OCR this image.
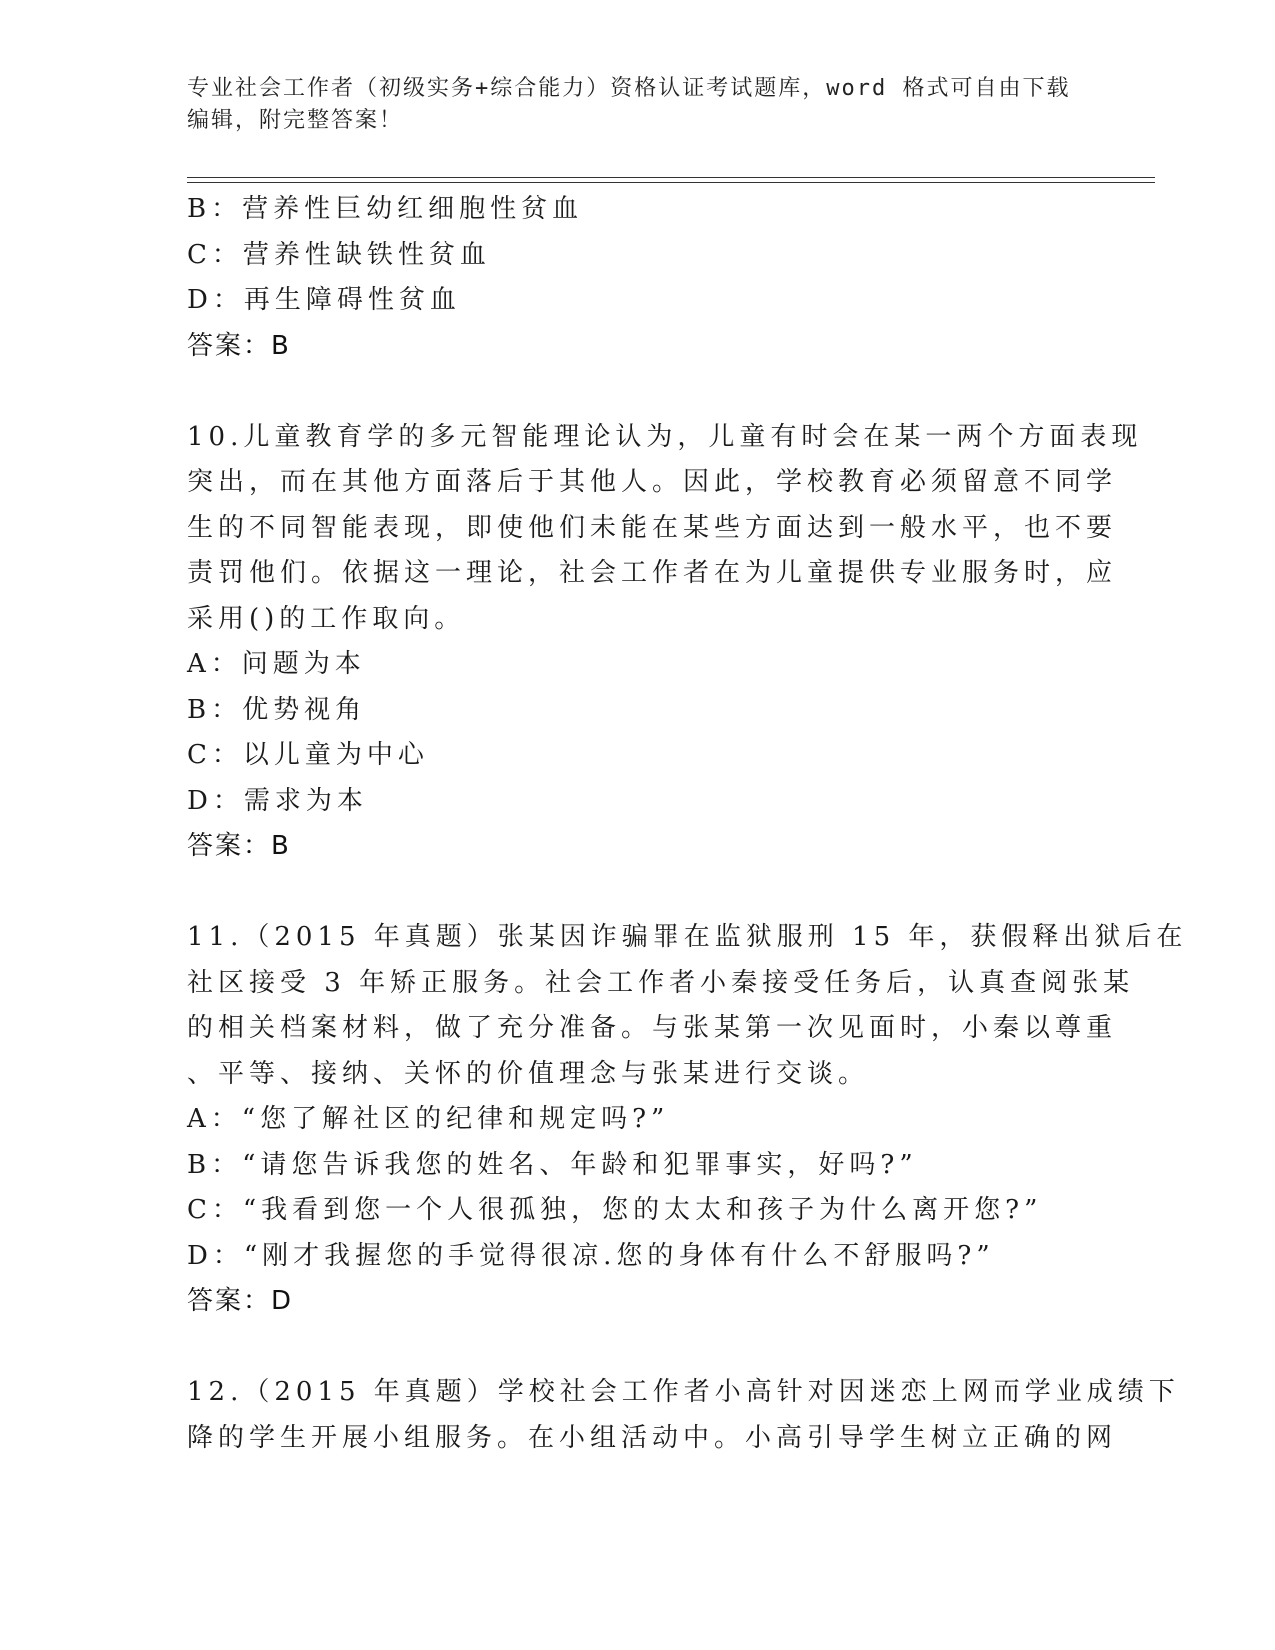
专业社会工作者（初级实务+综合能力）资格认证考试题库，word 格式可自由下载
编辑，附完整答案！
B：营养性巨幼红细胞性贫血
C：营养性缺铁性贫血
D：再生障碍性贫血
答案：B
10.儿童教育学的多元智能理论认为，儿童有时会在某一两个方面表现
突出，而在其他方面落后于其他人。因此，学校教育必须留意不同学
生的不同智能表现，即使他们未能在某些方面达到一般水平，也不要
责罚他们。依据这一理论，社会工作者在为儿童提供专业服务时，应
采用()的工作取向。
A：问题为本
B：优势视角
C：以儿童为中心
D：需求为本
答案：B
11.（2015 年真题）张某因诈骗罪在监狱服刑 15 年，获假释出狱后在
社区接受 3 年矫正服务。社会工作者小秦接受任务后，认真查阅张某
的相关档案材料，做了充分准备。与张某第一次见面时，小秦以尊重
、平等、接纳、关怀的价值理念与张某进行交谈。
A：“您了解社区的纪律和规定吗?”
B：“请您告诉我您的姓名、年龄和犯罪事实，好吗?”
C：“我看到您一个人很孤独，您的太太和孩子为什么离开您?”
D：“刚才我握您的手觉得很凉.您的身体有什么不舒服吗?”
答案：D
12.（2015 年真题）学校社会工作者小高针对因迷恋上网而学业成绩下
降的学生开展小组服务。在小组活动中。小高引导学生树立正确的网
